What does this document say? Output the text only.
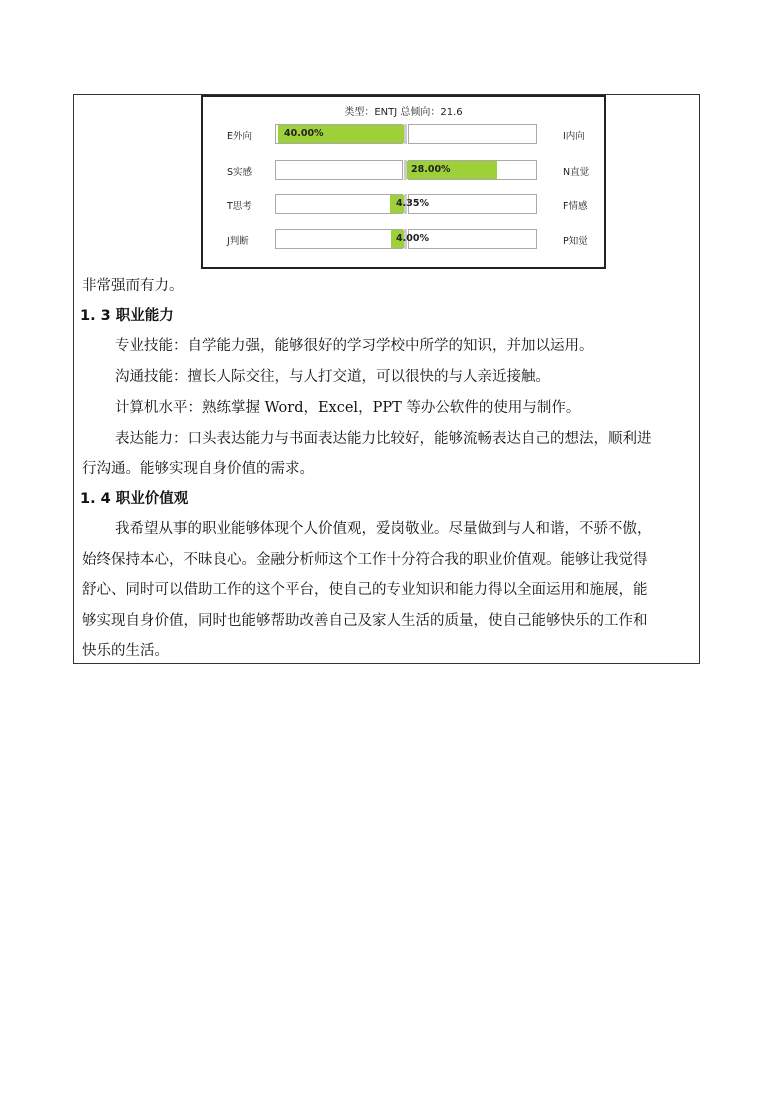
类型：ENTJ 总倾向：21.6
E外向	40.00%	I内向
S实感	28.00%	N直觉
T思考	4.35%	F情感
J判断	4.00%	P知觉
非常强而有力。
1. 3 职业能力
专业技能：自学能力强，能够很好的学习学校中所学的知识，并加以运用。
沟通技能：擅长人际交往，与人打交道，可以很快的与人亲近接触。
计算机水平：熟练掌握 Word，Excel，PPT 等办公软件的使用与制作。
表达能力：口头表达能力与书面表达能力比较好，能够流畅表达自己的想法，顺利进
行沟通。能够实现自身价值的需求。
1. 4 职业价值观
我希望从事的职业能够体现个人价值观，爱岗敬业。尽量做到与人和谐，不骄不傲，
始终保持本心，不昧良心。金融分析师这个工作十分符合我的职业价值观。能够让我觉得
舒心、同时可以借助工作的这个平台，使自己的专业知识和能力得以全面运用和施展，能
够实现自身价值，同时也能够帮助改善自己及家人生活的质量，使自己能够快乐的工作和
快乐的生活。
